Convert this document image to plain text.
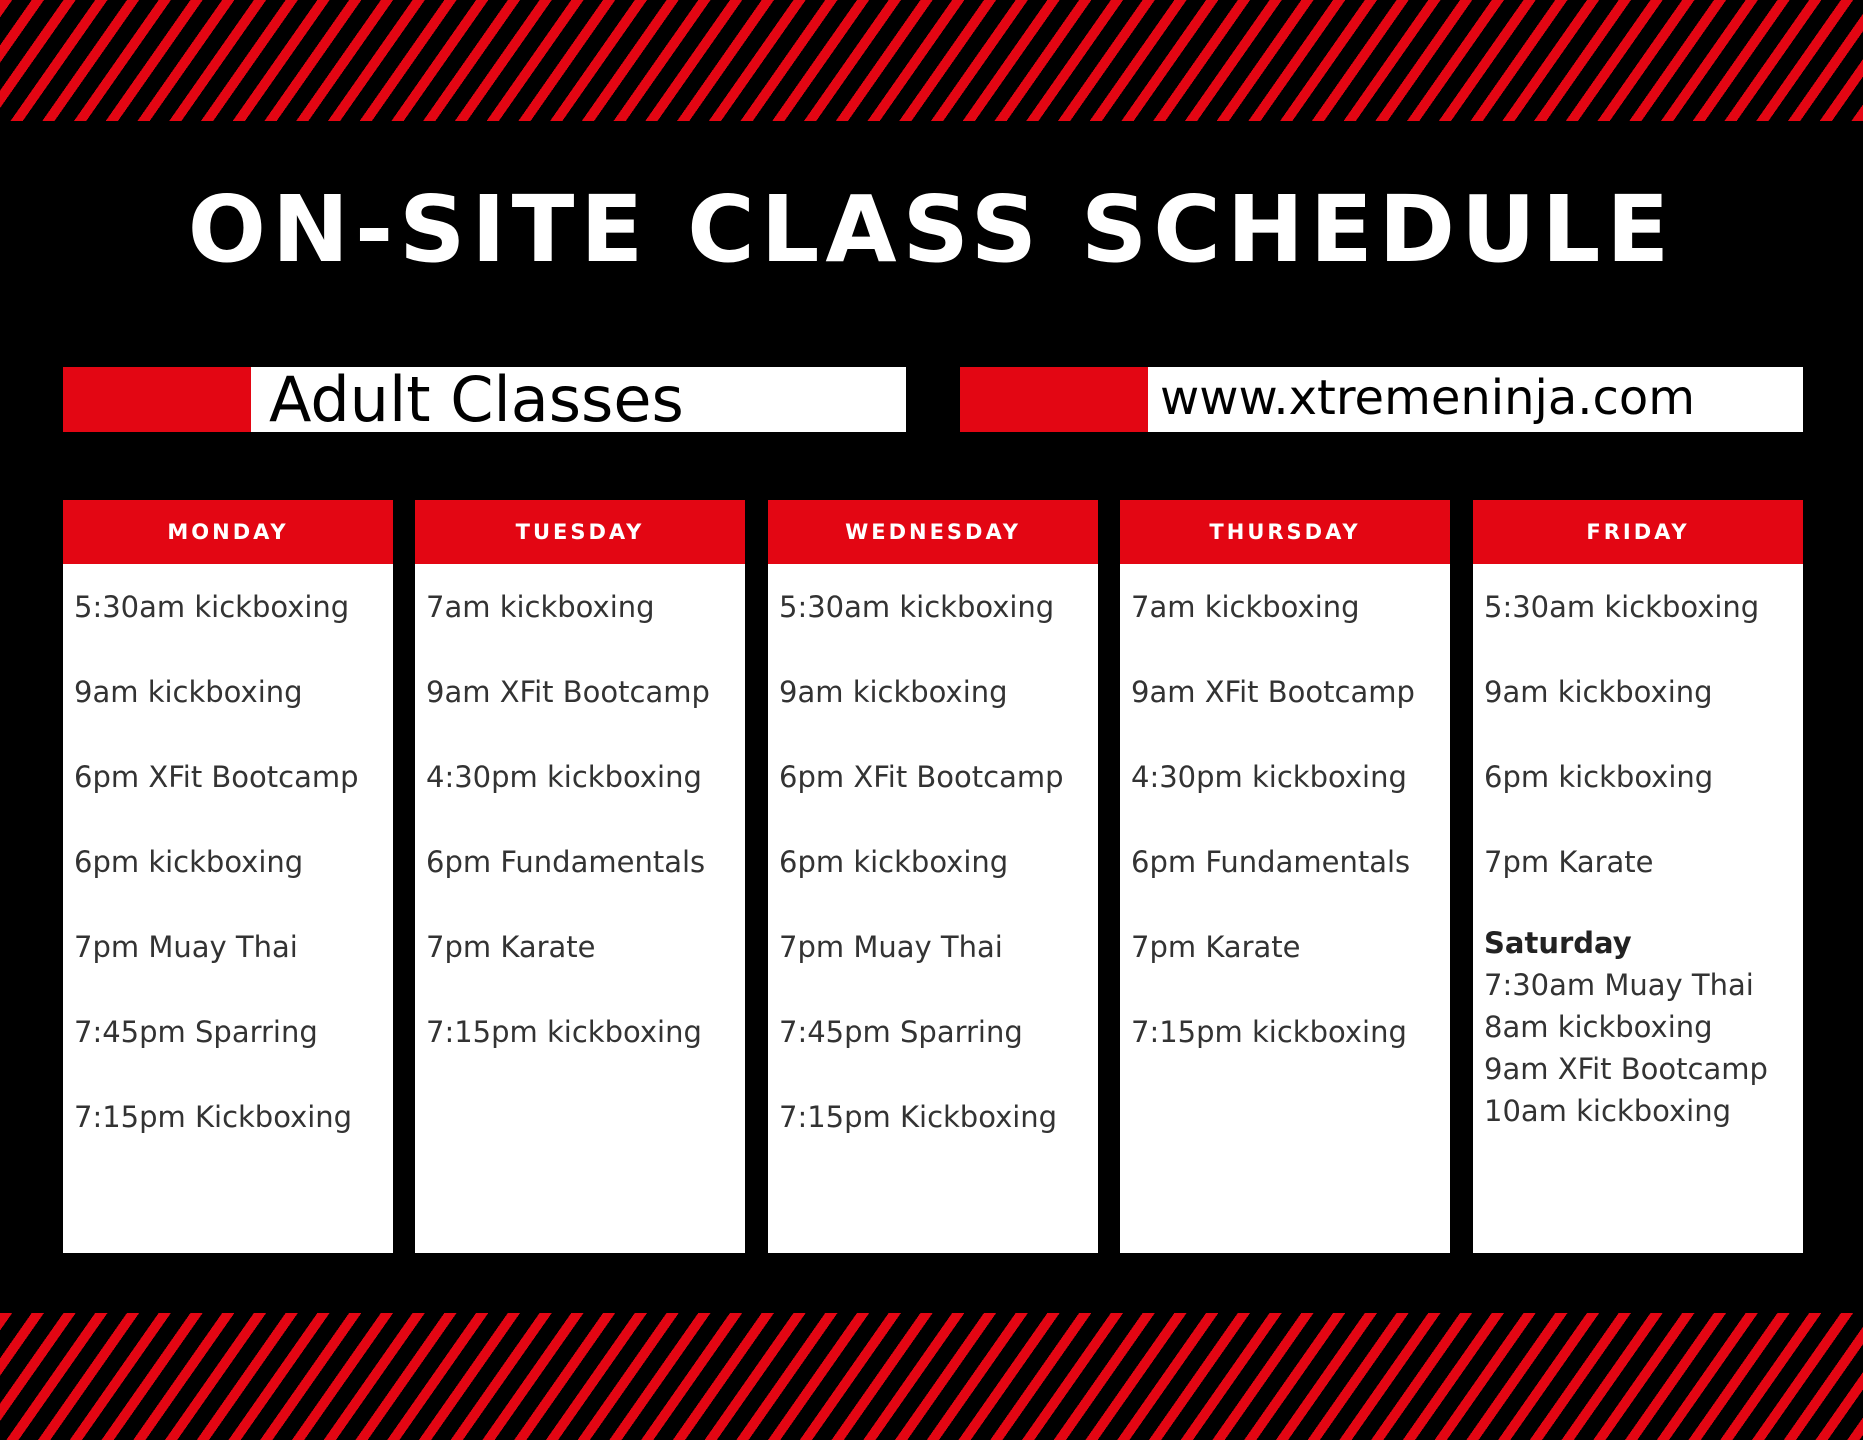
ON-SITE CLASS SCHEDULE
Adult Classes	www.xtremeninja.com
MONDAY
5:30am kickboxing
9am kickboxing
6pm XFit Bootcamp
6pm kickboxing
7pm Muay Thai
7:45pm Sparring
7:15pm Kickboxing
TUESDAY
7am kickboxing
9am XFit Bootcamp
4:30pm kickboxing
6pm Fundamentals
7pm Karate
7:15pm kickboxing
WEDNESDAY
5:30am kickboxing
9am kickboxing
6pm XFit Bootcamp
6pm kickboxing
7pm Muay Thai
7:45pm Sparring
7:15pm Kickboxing
THURSDAY
7am kickboxing
9am XFit Bootcamp
4:30pm kickboxing
6pm Fundamentals
7pm Karate
7:15pm kickboxing
FRIDAY
5:30am kickboxing
9am kickboxing
6pm kickboxing
7pm Karate
Saturday
7:30am Muay Thai
8am kickboxing
9am XFit Bootcamp
10am kickboxing
